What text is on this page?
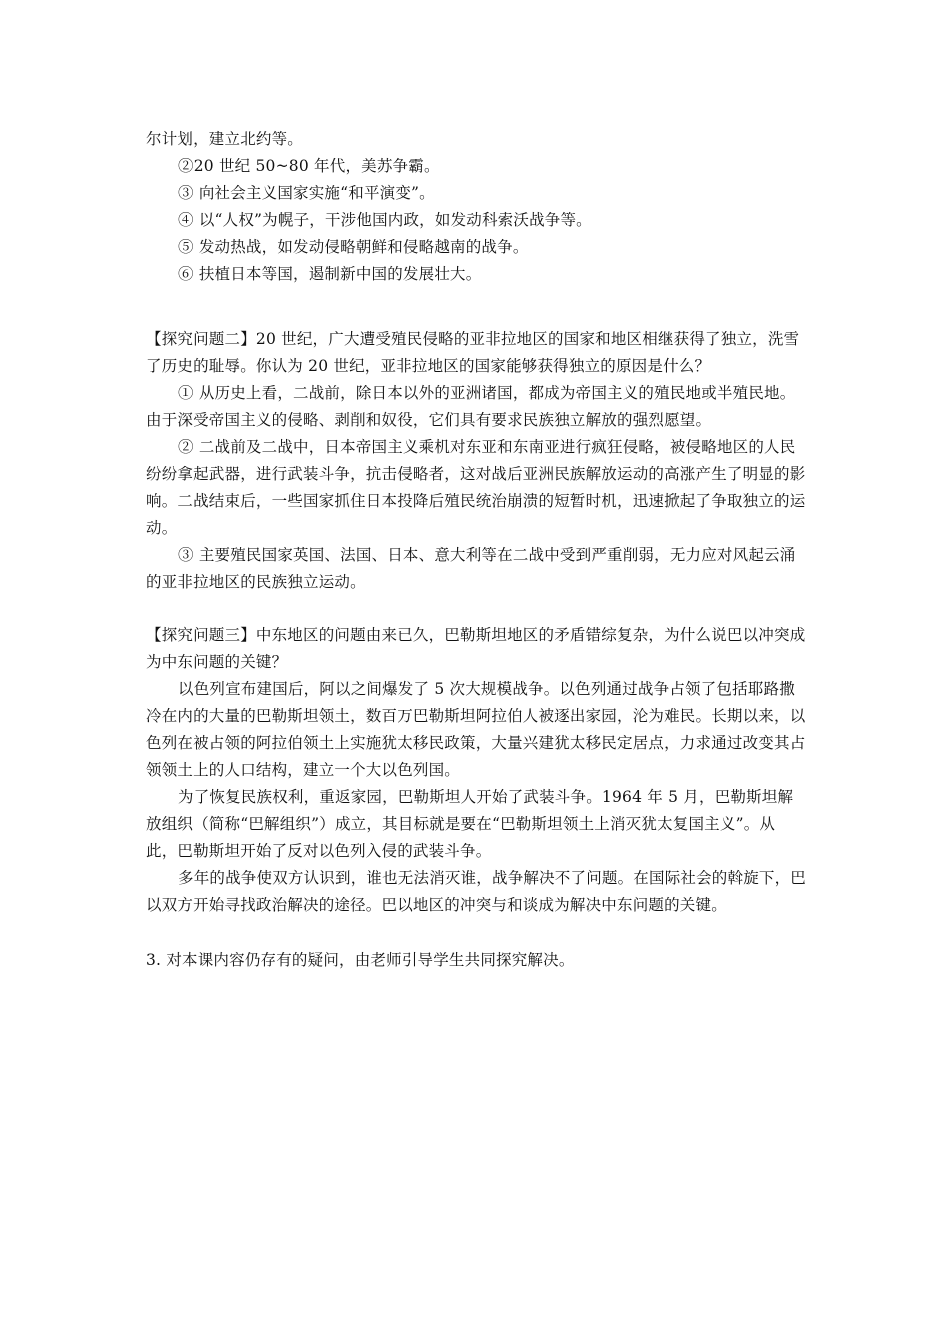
尔计划，建立北约等。

②20 世纪 50~80 年代，美苏争霸。

③ 向社会主义国家实施“和平演变”。

④ 以“人权”为幌子，干涉他国内政，如发动科索沃战争等。

⑤ 发动热战，如发动侵略朝鲜和侵略越南的战争。

⑥ 扶植日本等国，遏制新中国的发展壮大。

【探究问题二】20 世纪，广大遭受殖民侵略的亚非拉地区的国家和地区相继获得了独立，洗雪了历史的耻辱。你认为 20 世纪，亚非拉地区的国家能够获得独立的原因是什么？

① 从历史上看，二战前，除日本以外的亚洲诸国，都成为帝国主义的殖民地或半殖民地。由于深受帝国主义的侵略、剥削和奴役，它们具有要求民族独立解放的强烈愿望。

② 二战前及二战中，日本帝国主义乘机对东亚和东南亚进行疯狂侵略，被侵略地区的人民纷纷拿起武器，进行武装斗争，抗击侵略者，这对战后亚洲民族解放运动的高涨产生了明显的影响。二战结束后，一些国家抓住日本投降后殖民统治崩溃的短暂时机，迅速掀起了争取独立的运动。

③ 主要殖民国家英国、法国、日本、意大利等在二战中受到严重削弱，无力应对风起云涌的亚非拉地区的民族独立运动。

【探究问题三】中东地区的问题由来已久，巴勒斯坦地区的矛盾错综复杂，为什么说巴以冲突成为中东问题的关键？

以色列宣布建国后，阿以之间爆发了 5 次大规模战争。以色列通过战争占领了包括耶路撒冷在内的大量的巴勒斯坦领土，数百万巴勒斯坦阿拉伯人被逐出家园，沦为难民。长期以来，以色列在被占领的阿拉伯领土上实施犹太移民政策，大量兴建犹太移民定居点，力求通过改变其占领领土上的人口结构，建立一个大以色列国。

为了恢复民族权利，重返家园，巴勒斯坦人开始了武装斗争。1964 年 5 月，巴勒斯坦解放组织（简称“巴解组织”）成立，其目标就是要在“巴勒斯坦领土上消灭犹太复国主义”。从此，巴勒斯坦开始了反对以色列入侵的武装斗争。

多年的战争使双方认识到，谁也无法消灭谁，战争解决不了问题。在国际社会的斡旋下，巴以双方开始寻找政治解决的途径。巴以地区的冲突与和谈成为解决中东问题的关键。

3. 对本课内容仍存有的疑问，由老师引导学生共同探究解决。
